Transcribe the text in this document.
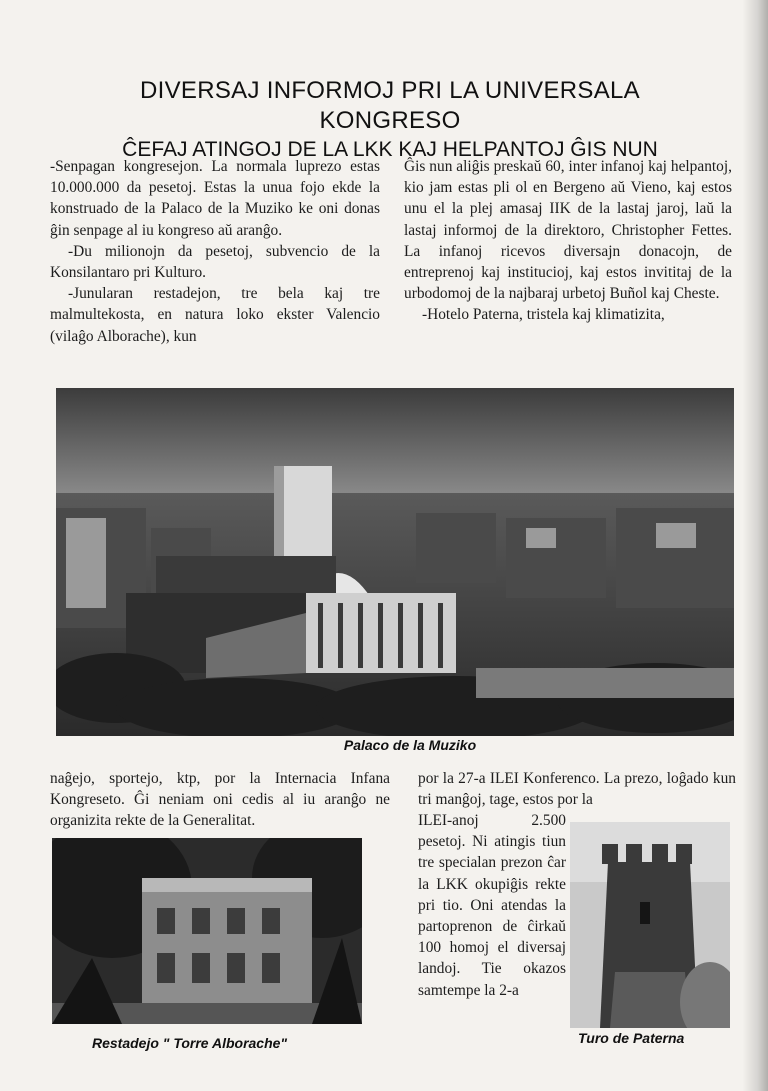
DIVERSAJ INFORMOJ PRI LA UNIVERSALA
KONGRESO
ĈEFAJ ATINGOJ DE LA LKK KAJ HELPANTOJ ĜIS NUN

-Senpagan kongresejon. La normala luprezo estas 10.000.000 da pesetoj. Estas la unua fojo ekde la konstruado de la Palaco de la Muziko ke oni donas ĝin senpage al iu kongreso aŭ aranĝo.

-Du milionojn da pesetoj, subvencio de la Konsilantaro pri Kulturo.

-Junularan restadejon, tre bela kaj tre malmultekosta, en natura loko ekster Valencio (vilaĝo Alborache), kun

Ĝis nun aliĝis preskaŭ 60, inter infanoj kaj helpantoj, kio jam estas pli ol en Bergeno aŭ Vieno, kaj estos unu el la plej amasaj IIK de la lastaj jaroj, laŭ la lastaj informoj de la direktoro, Christopher Fettes. La infanoj ricevos diversajn donacojn, de entreprenoj kaj institucioj, kaj estos invititaj de la urbodomoj de la najbaraj urbetoj Buñol kaj Cheste.

-Hotelo Paterna, tristela kaj klimatizita,

Palaco de la Muziko

naĝejo, sportejo, ktp, por la Internacia Infana Kongreseto. Ĝi neniam oni cedis al iu aranĝo ne organizita rekte de la Generalitat.

por la 27-a ILEI Konferenco. La prezo, loĝado kun tri manĝoj, tage, estos por la

ILEI-anoj 2.500 pesetoj. Ni atingis tiun tre specialan prezon ĉar la LKK okupiĝis rekte pri tio. Oni atendas la partoprenon de ĉirkaŭ 100 homoj el diversaj landoj. Tie okazos samtempe la 2-a

Restadejo " Torre Alborache"	Turo de Paterna
